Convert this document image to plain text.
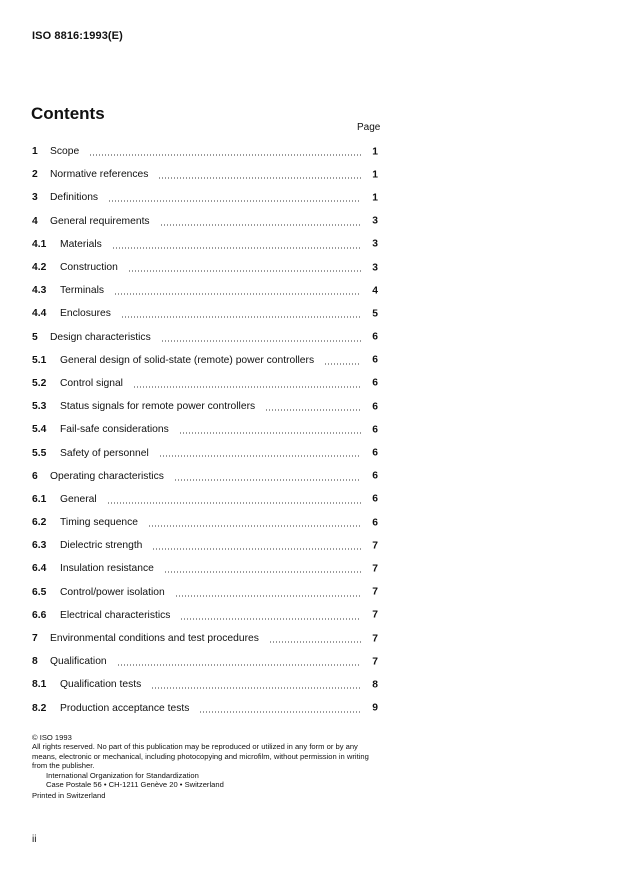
ISO 8816:1993(E)
Contents
Page
1	Scope	1
2	Normative references	1
3	Definitions	1
4	General requirements	3
4.1	Materials	3
4.2	Construction	3
4.3	Terminals	4
4.4	Enclosures	5
5	Design characteristics	6
5.1	General design of solid-state (remote) power controllers	6
5.2	Control signal	6
5.3	Status signals for remote power controllers	6
5.4	Fail-safe considerations	6
5.5	Safety of personnel	6
6	Operating characteristics	6
6.1	General	6
6.2	Timing sequence	6
6.3	Dielectric strength	7
6.4	Insulation resistance	7
6.5	Control/power isolation	7
6.6	Electrical characteristics	7
7	Environmental conditions and test procedures	7
8	Qualification	7
8.1	Qualification tests	8
8.2	Production acceptance tests	9

© ISO 1993

All rights reserved. No part of this publication may be reproduced or utilized in any form or by any means, electronic or mechanical, including photocopying and microfilm, without permission in writing from the publisher.

International Organization for Standardization

Case Postale 56 • CH-1211 Genève 20 • Switzerland

Printed in Switzerland

ii
